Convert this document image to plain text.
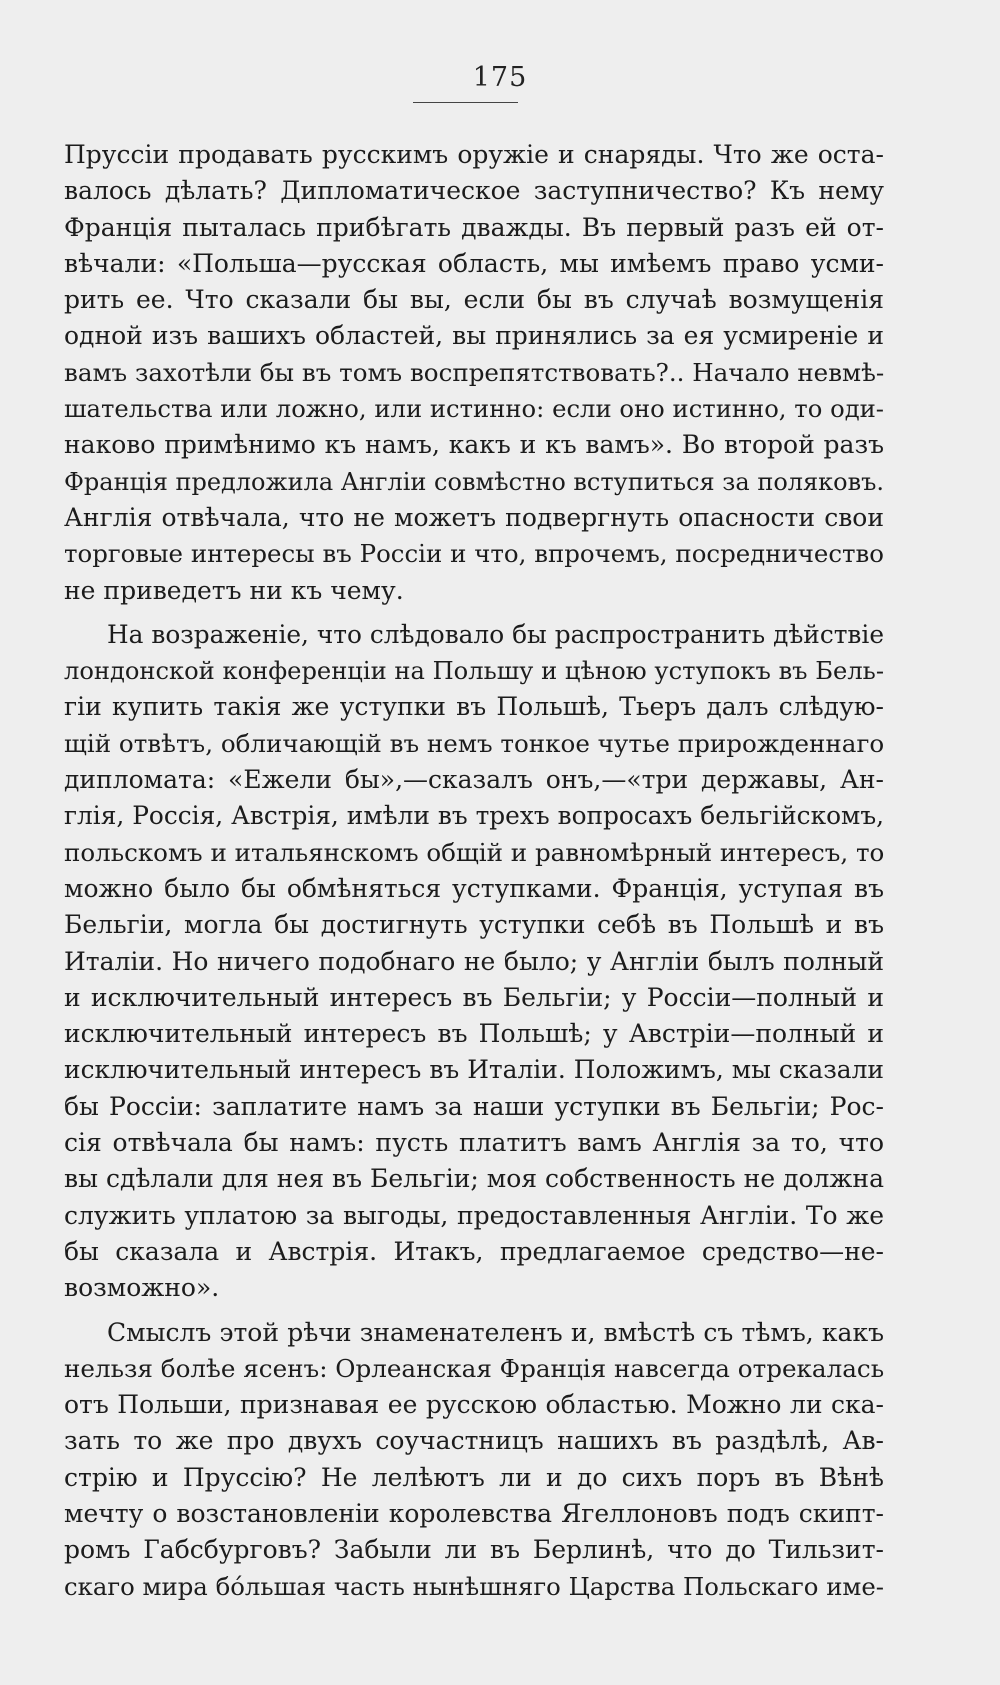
175
Пруссіи продавать русскимъ оружіе и снаряды. Что же оста-
валось дѣлать? Дипломатическое заступничество? Къ нему
Франція пыталась прибѣгать дважды. Въ первый разъ ей от-
вѣчали: «Польша—русская область, мы имѣемъ право усми-
рить ее. Что сказали бы вы, если бы въ случаѣ возмущенія
одной изъ вашихъ областей, вы принялись за ея усмиреніе и
вамъ захотѣли бы въ томъ воспрепятствовать?.. Начало невмѣ-
шательства или ложно, или истинно: если оно истинно, то оди-
наково примѣнимо къ намъ, какъ и къ вамъ». Во второй разъ
Франція предложила Англіи совмѣстно вступиться за поляковъ.
Англія отвѣчала, что не можетъ подвергнуть опасности свои
торговые интересы въ Россіи и что, впрочемъ, посредничество
не приведетъ ни къ чему.
На возраженіе, что слѣдовало бы распространить дѣйствіе
лондонской конференціи на Польшу и цѣною уступокъ въ Бель-
гіи купить такія же уступки въ Польшѣ, Тьеръ далъ слѣдую-
щій отвѣтъ, обличающій въ немъ тонкое чутье прирожденнаго
дипломата: «Ежели бы»,—сказалъ онъ,—«три державы, Ан-
глія, Россія, Австрія, имѣли въ трехъ вопросахъ бельгійскомъ,
польскомъ и итальянскомъ общій и равномѣрный интересъ, то
можно было бы обмѣняться уступками. Франція, уступая въ
Бельгіи, могла бы достигнуть уступки себѣ въ Польшѣ и въ
Италіи. Но ничего подобнаго не было; у Англіи былъ полный
и исключительный интересъ въ Бельгіи; у Россіи—полный и
исключительный интересъ въ Польшѣ; у Австріи—полный и
исключительный интересъ въ Италіи. Положимъ, мы сказали
бы Россіи: заплатите намъ за наши уступки въ Бельгіи; Рос-
сія отвѣчала бы намъ: пусть платитъ вамъ Англія за то, что
вы сдѣлали для нея въ Бельгіи; моя собственность не должна
служить уплатою за выгоды, предоставленныя Англіи. То же
бы сказала и Австрія. Итакъ, предлагаемое средство—не-
возможно».
Смыслъ этой рѣчи знаменателенъ и, вмѣстѣ съ тѣмъ, какъ
нельзя болѣе ясенъ: Орлеанская Франція навсегда отрекалась
отъ Польши, признавая ее русскою областью. Можно ли ска-
зать то же про двухъ соучастницъ нашихъ въ раздѣлѣ, Ав-
стрію и Пруссію? Не лелѣютъ ли и до сихъ поръ въ Вѣнѣ
мечту о возстановленіи королевства Ягеллоновъ подъ скипт-
ромъ Габсбурговъ? Забыли ли въ Берлинѣ, что до Тильзит-
скаго мира бо́льшая часть нынѣшняго Царства Польскаго име-
